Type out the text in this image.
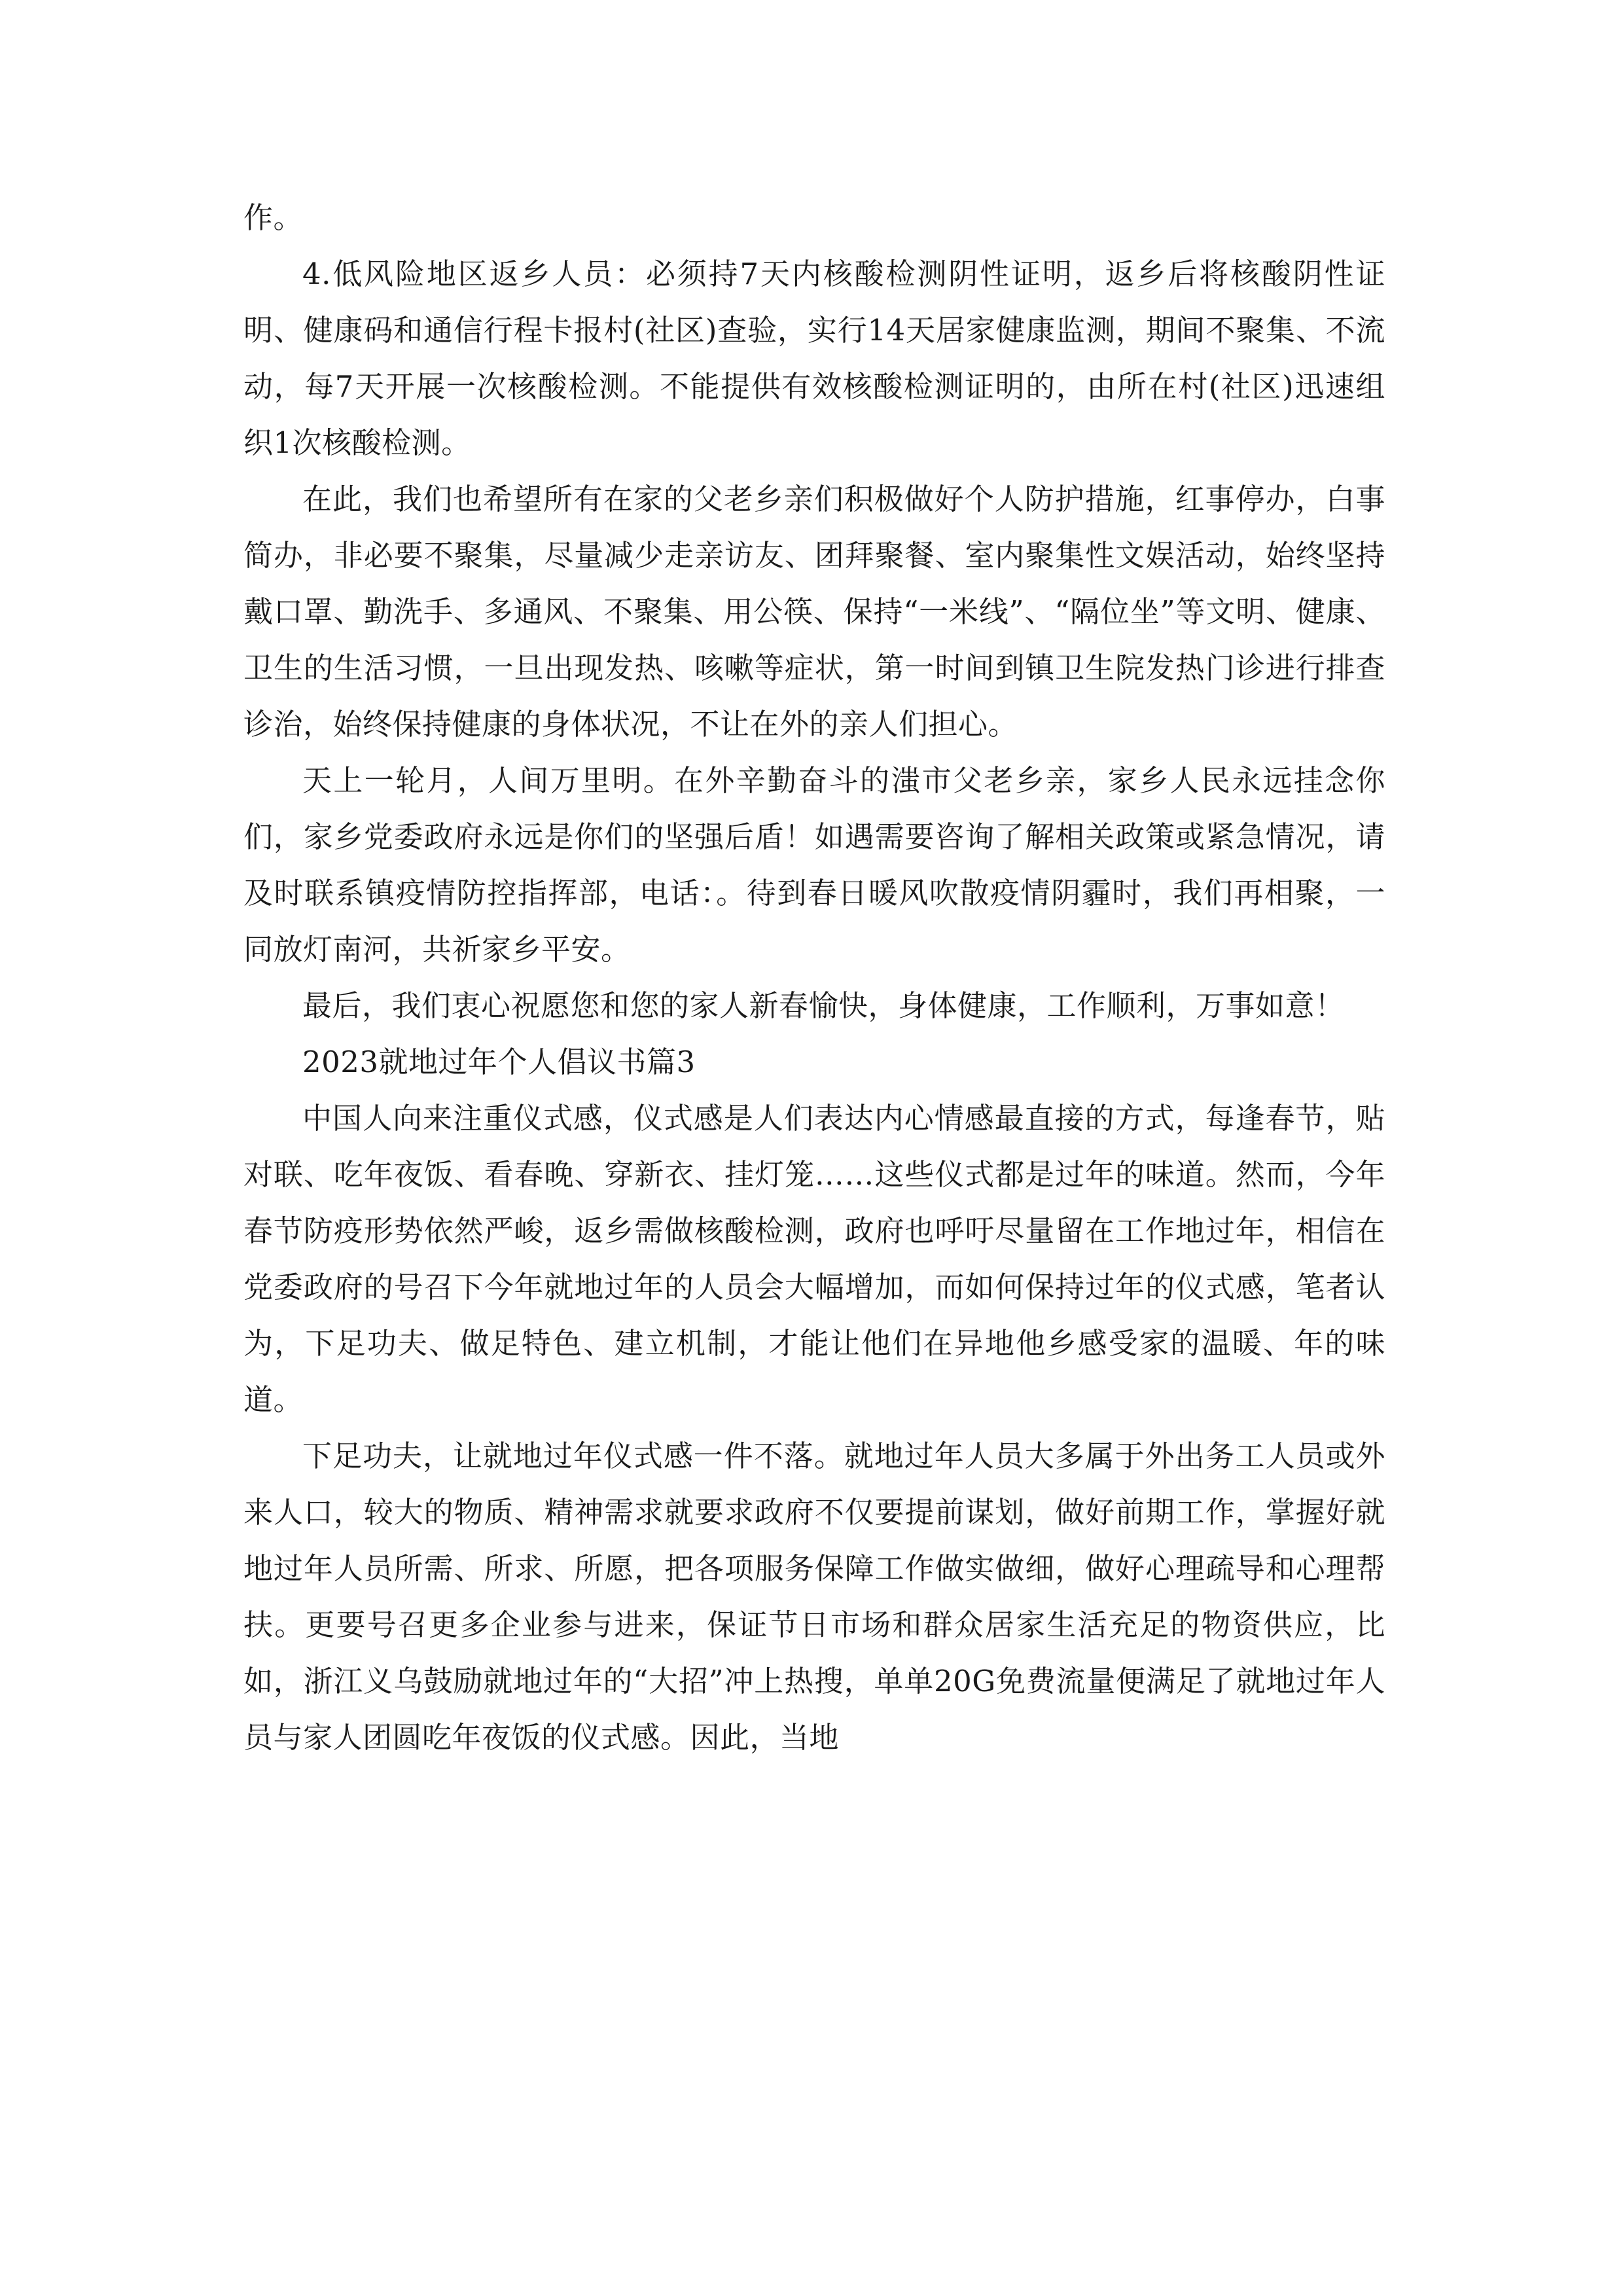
作。

4.低风险地区返乡人员：必须持7天内核酸检测阴性证明，返乡后将核酸阴性证明、健康码和通信行程卡报村(社区)查验，实行14天居家健康监测，期间不聚集、不流动，每7天开展一次核酸检测。不能提供有效核酸检测证明的，由所在村(社区)迅速组织1次核酸检测。

在此，我们也希望所有在家的父老乡亲们积极做好个人防护措施，红事停办，白事简办，非必要不聚集，尽量减少走亲访友、团拜聚餐、室内聚集性文娱活动，始终坚持戴口罩、勤洗手、多通风、不聚集、用公筷、保持“一米线”、“隔位坐”等文明、健康、卫生的生活习惯，一旦出现发热、咳嗽等症状，第一时间到镇卫生院发热门诊进行排查诊治，始终保持健康的身体状况，不让在外的亲人们担心。

天上一轮月，人间万里明。在外辛勤奋斗的滍市父老乡亲，家乡人民永远挂念你们，家乡党委政府永远是你们的坚强后盾！如遇需要咨询了解相关政策或紧急情况，请及时联系镇疫情防控指挥部，电话：。待到春日暖风吹散疫情阴霾时，我们再相聚，一同放灯南河，共祈家乡平安。

最后，我们衷心祝愿您和您的家人新春愉快，身体健康，工作顺利，万事如意！

2023就地过年个人倡议书篇3

中国人向来注重仪式感，仪式感是人们表达内心情感最直接的方式，每逢春节，贴对联、吃年夜饭、看春晚、穿新衣、挂灯笼……这些仪式都是过年的味道。然而，今年春节防疫形势依然严峻，返乡需做核酸检测，政府也呼吁尽量留在工作地过年，相信在党委政府的号召下今年就地过年的人员会大幅增加，而如何保持过年的仪式感，笔者认为，下足功夫、做足特色、建立机制，才能让他们在异地他乡感受家的温暖、年的味道。

下足功夫，让就地过年仪式感一件不落。就地过年人员大多属于外出务工人员或外来人口，较大的物质、精神需求就要求政府不仅要提前谋划，做好前期工作，掌握好就地过年人员所需、所求、所愿，把各项服务保障工作做实做细，做好心理疏导和心理帮扶。更要号召更多企业参与进来，保证节日市场和群众居家生活充足的物资供应，比如，浙江义乌鼓励就地过年的“大招”冲上热搜，单单20G免费流量便满足了就地过年人员与家人团圆吃年夜饭的仪式感。因此，当地
